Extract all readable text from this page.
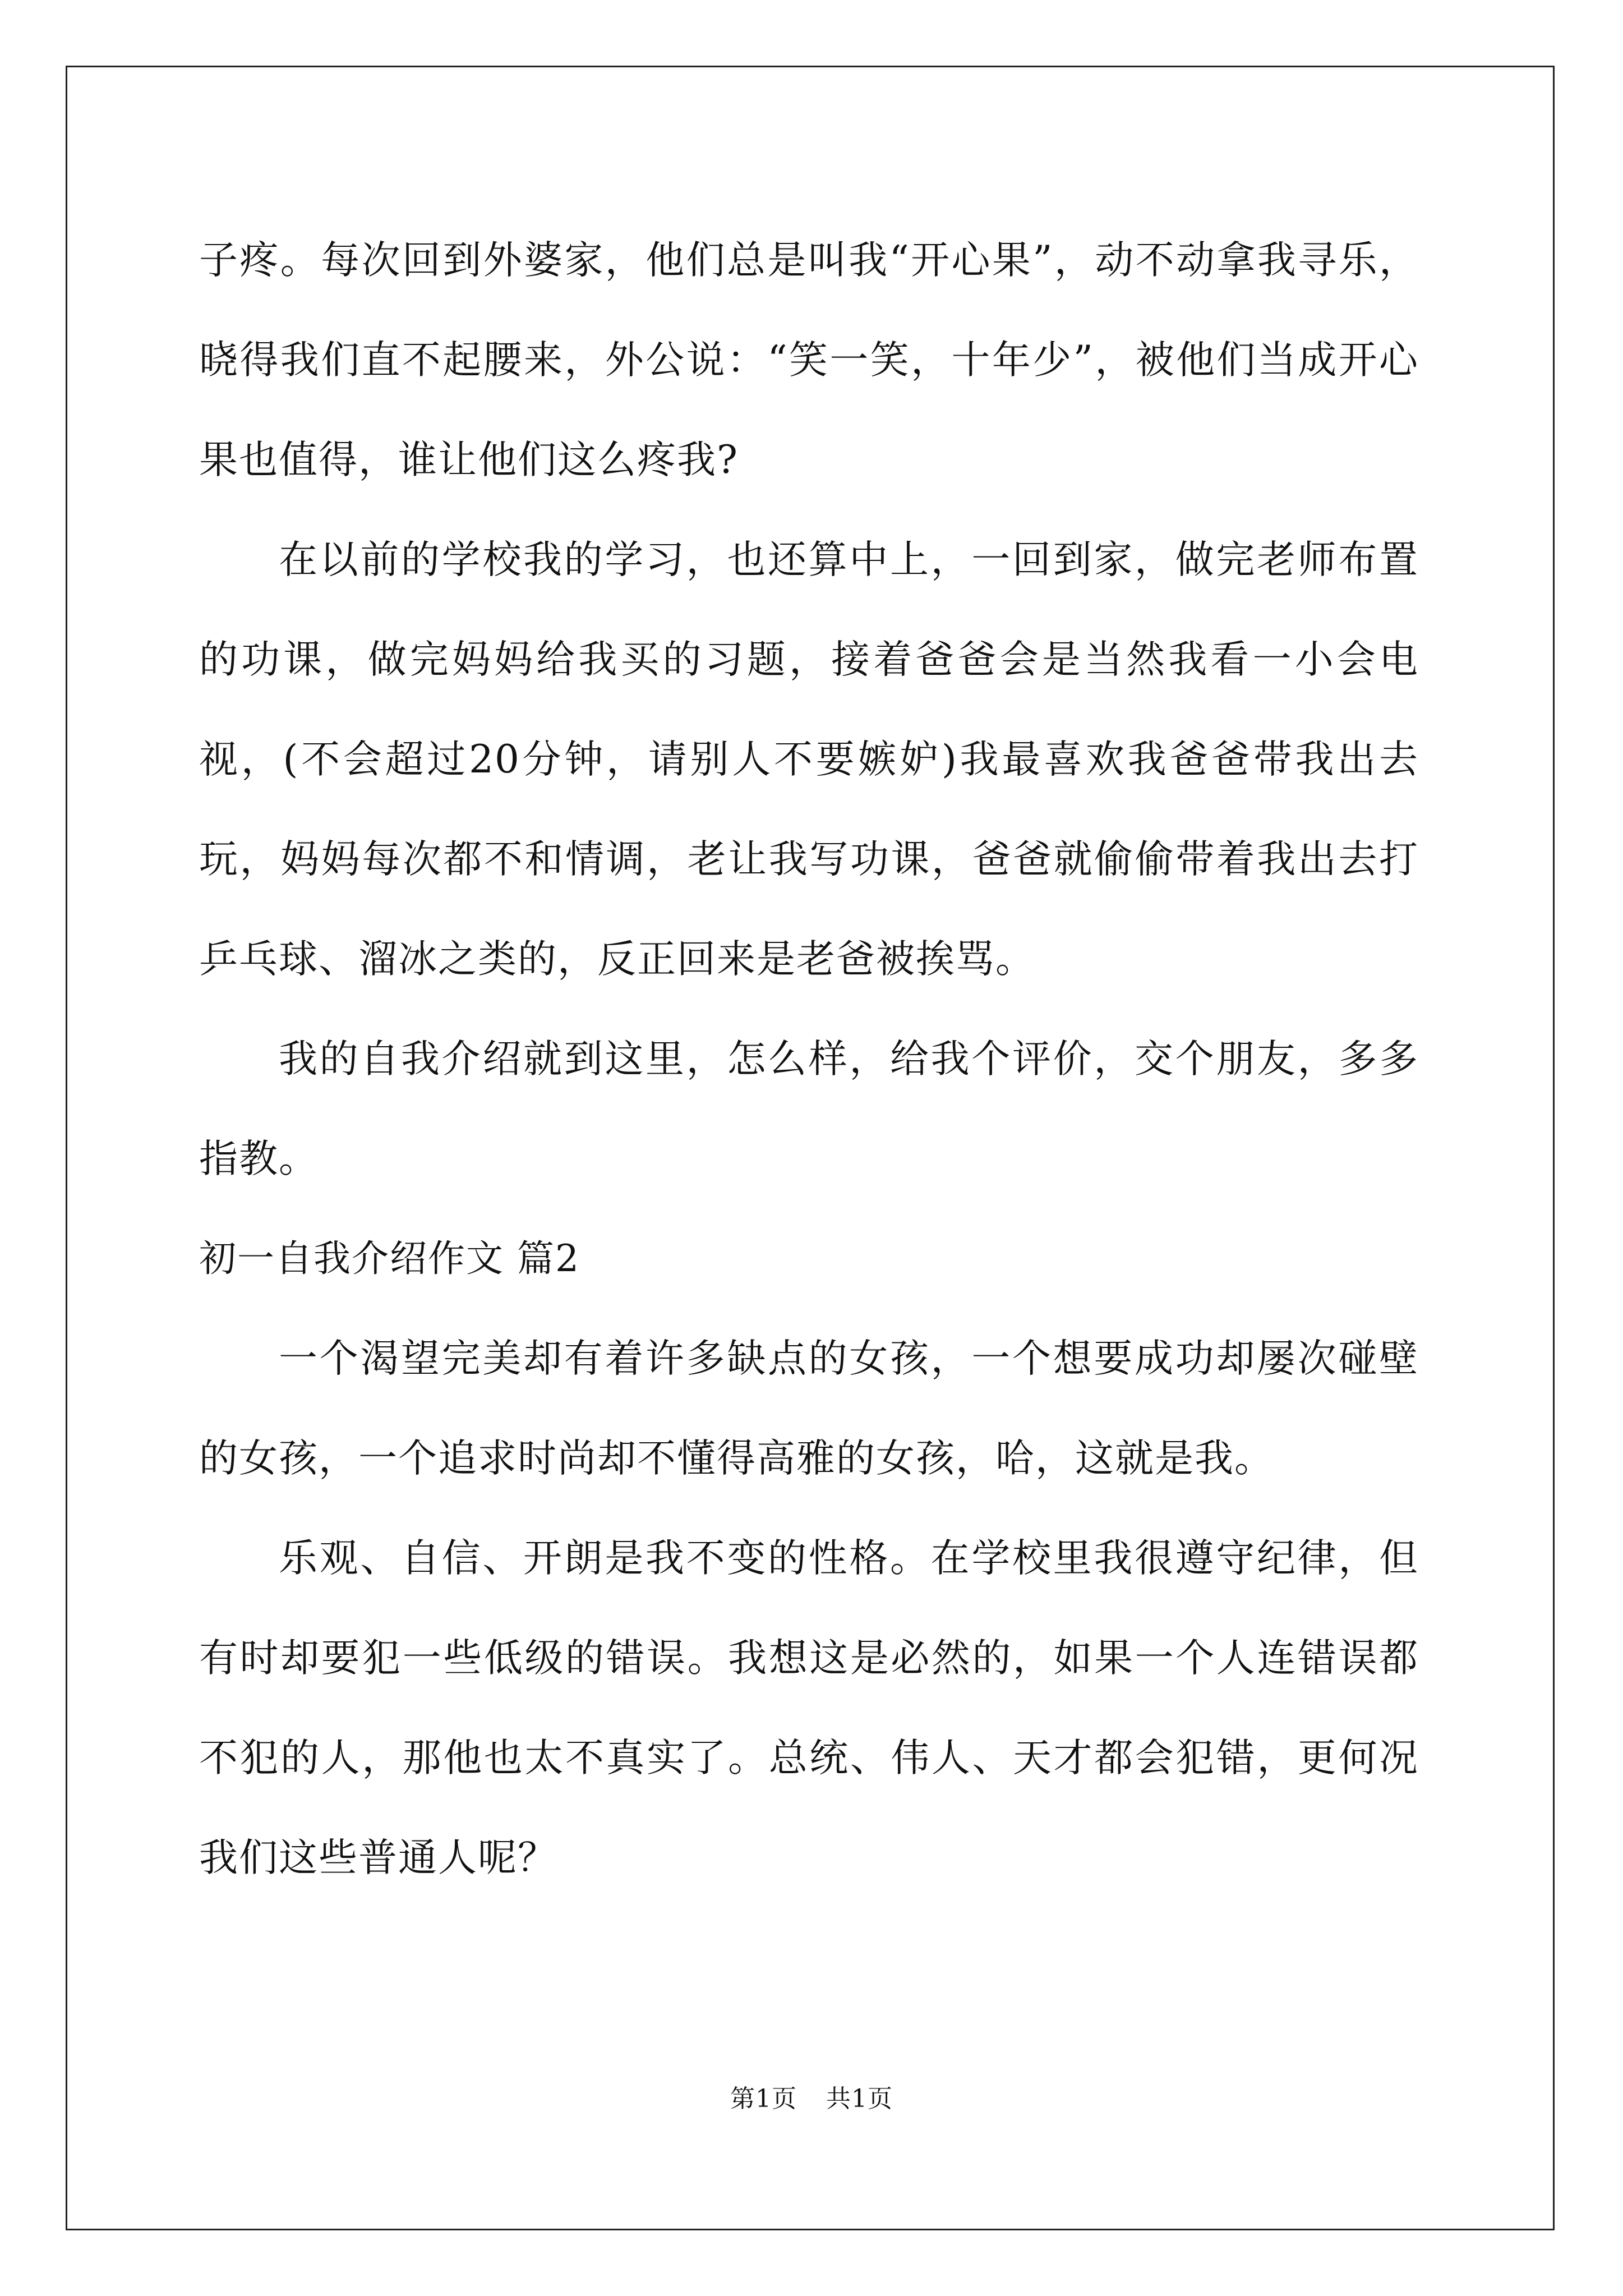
子疼。每次回到外婆家，他们总是叫我“开心果”，动不动拿我寻乐，晓得我们直不起腰来，外公说：“笑一笑，十年少”，被他们当成开心果也值得，谁让他们这么疼我?

在以前的学校我的学习，也还算中上，一回到家，做完老师布置的功课，做完妈妈给我买的习题，接着爸爸会是当然我看一小会电视，(不会超过20分钟，请别人不要嫉妒)我最喜欢我爸爸带我出去玩，妈妈每次都不和情调，老让我写功课，爸爸就偷偷带着我出去打乒乓球、溜冰之类的，反正回来是老爸被挨骂。

我的自我介绍就到这里，怎么样，给我个评价，交个朋友，多多指教。

初一自我介绍作文 篇2

一个渴望完美却有着许多缺点的女孩，一个想要成功却屡次碰壁的女孩，一个追求时尚却不懂得高雅的女孩，哈，这就是我。

乐观、自信、开朗是我不变的性格。在学校里我很遵守纪律，但有时却要犯一些低级的错误。我想这是必然的，如果一个人连错误都不犯的人，那他也太不真实了。总统、伟人、天才都会犯错，更何况我们这些普通人呢？

第1页 共1页
